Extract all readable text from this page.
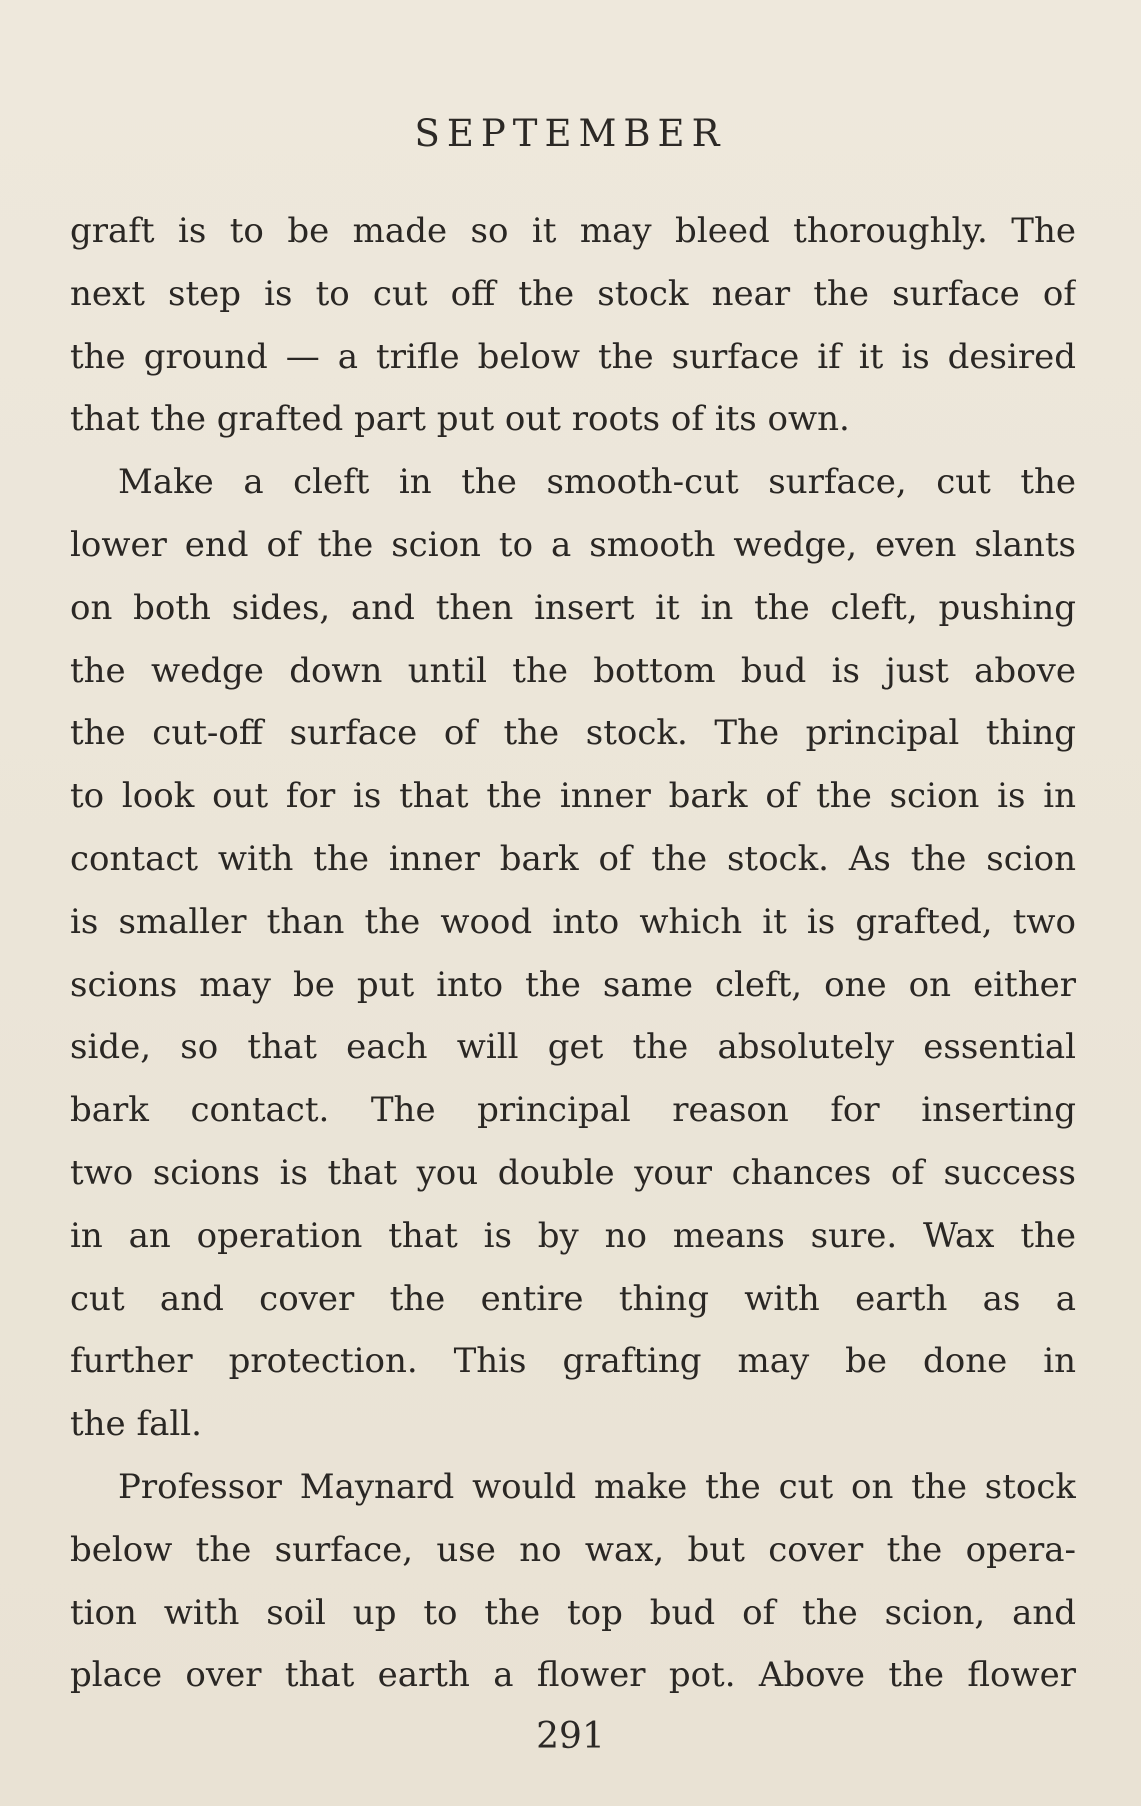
SEPTEMBER
graft is to be made so it may bleed thoroughly. The
next step is to cut off the stock near the surface of
the ground — a trifle below the surface if it is desired
that the grafted part put out roots of its own.
Make a cleft in the smooth-cut surface, cut the
lower end of the scion to a smooth wedge, even slants
on both sides, and then insert it in the cleft, pushing
the wedge down until the bottom bud is just above
the cut-off surface of the stock. The principal thing
to look out for is that the inner bark of the scion is in
contact with the inner bark of the stock. As the scion
is smaller than the wood into which it is grafted, two
scions may be put into the same cleft, one on either
side, so that each will get the absolutely essential
bark contact. The principal reason for inserting
two scions is that you double your chances of success
in an operation that is by no means sure. Wax the
cut and cover the entire thing with earth as a
further protection. This grafting may be done in
the fall.
Professor Maynard would make the cut on the stock
below the surface, use no wax, but cover the opera-
tion with soil up to the top bud of the scion, and
place over that earth a flower pot. Above the flower
291
